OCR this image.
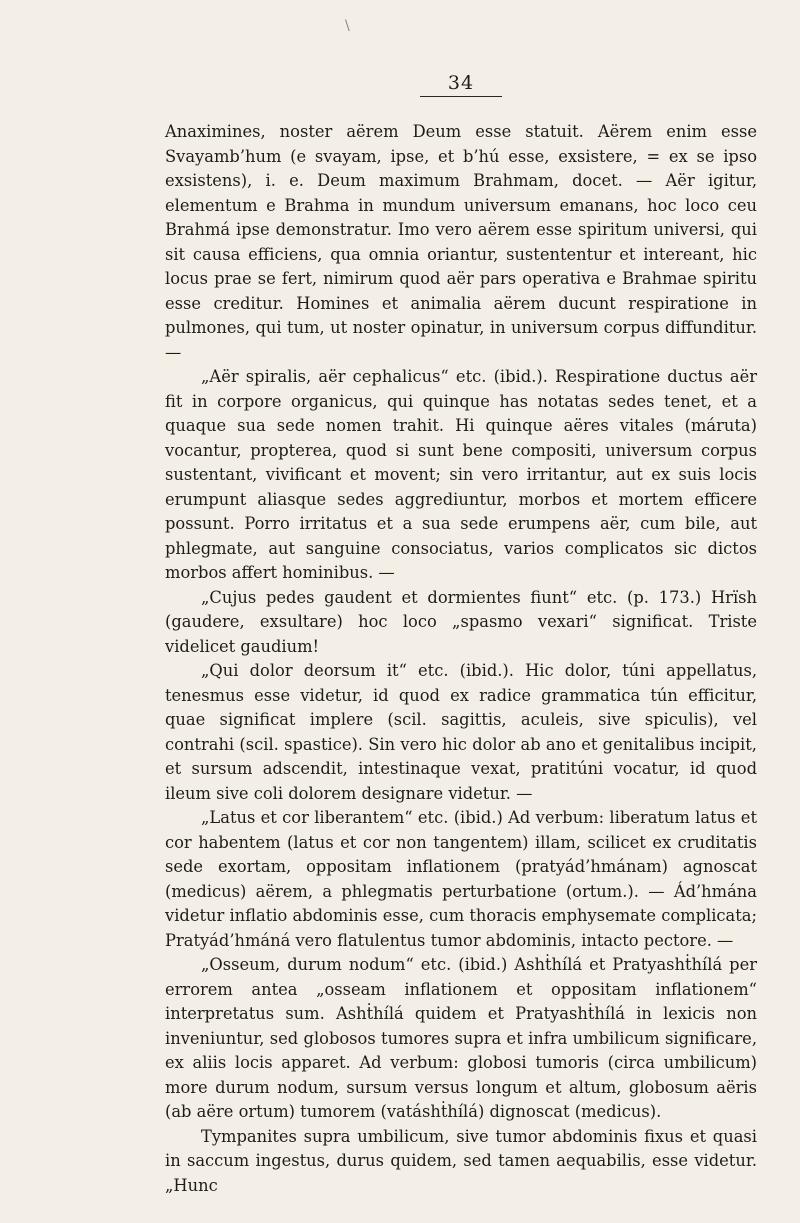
\
34

Anaximines, noster aërem Deum esse statuit. Aërem enim esse Svayamb’hum (e svayam, ipse, et b’hú esse, exsistere, = ex se ipso exsistens), i. e. Deum maximum Brahmam, docet. — Aër igitur, elementum e Brahma in mundum universum emanans, hoc loco ceu Brahmá ipse demonstratur. Imo vero aërem esse spiritum universi, qui sit causa efficiens, qua omnia oriantur, sustententur et intereant, hic locus prae se fert, nimirum quod aër pars operativa e Brahmae spiritu esse creditur. Homines et animalia aërem ducunt respiratione in pulmones, qui tum, ut noster opinatur, in universum corpus diffunditur. —

„Aër spiralis, aër cephalicus“ etc. (ibid.). Respiratione ductus aër fit in corpore organicus, qui quinque has notatas sedes tenet, et a quaque sua sede nomen trahit. Hi quinque aëres vitales (máruta) vocantur, propterea, quod si sunt bene compositi, universum corpus sustentant, vivificant et movent; sin vero irritantur, aut ex suis locis erumpunt aliasque sedes aggrediuntur, morbos et mortem efficere possunt. Porro irritatus et a sua sede erumpens aër, cum bile, aut phlegmate, aut sanguine consociatus, varios complicatos sic dictos morbos affert hominibus. —

„Cujus pedes gaudent et dormientes fiunt“ etc. (p. 173.) Hrïsh (gaudere, exsultare) hoc loco „spasmo vexari“ significat. Triste videlicet gaudium!

„Qui dolor deorsum it“ etc. (ibid.). Hic dolor, túni appellatus, tenesmus esse videtur, id quod ex radice grammatica tún efficitur, quae significat implere (scil. sagittis, aculeis, sive spiculis), vel contrahi (scil. spastice). Sin vero hic dolor ab ano et genitalibus incipit, et sursum adscendit, intestinaque vexat, pratitúni vocatur, id quod ileum sive coli dolorem designare videtur. —

„Latus et cor liberantem“ etc. (ibid.) Ad verbum: liberatum latus et cor habentem (latus et cor non tangentem) illam, scilicet ex cruditatis sede exortam, oppositam inflationem (pratyád’hmánam) agnoscat (medicus) aërem, a phlegmatis perturbatione (ortum.). — Ád’hmána videtur inflatio abdominis esse, cum thoracis emphysemate complicata; Pratyád’hmáná vero flatulentus tumor abdominis, intacto pectore. —

„Osseum, durum nodum“ etc. (ibid.) Ashṫhílá et Pratyashṫhílá per errorem antea „osseam inflationem et oppositam inflationem“ interpretatus sum. Ashṫhílá quidem et Pratyashṫhílá in lexicis non inveniuntur, sed globosos tumores supra et infra umbilicum significare, ex aliis locis apparet. Ad verbum: globosi tumoris (circa umbilicum) more durum nodum, sursum versus longum et altum, globosum aëris (ab aëre ortum) tumorem (vatáshṫhílá) dignoscat (medicus).

Tympanites supra umbilicum, sive tumor abdominis fixus et quasi in saccum ingestus, durus quidem, sed tamen aequabilis, esse videtur. „Hunc
